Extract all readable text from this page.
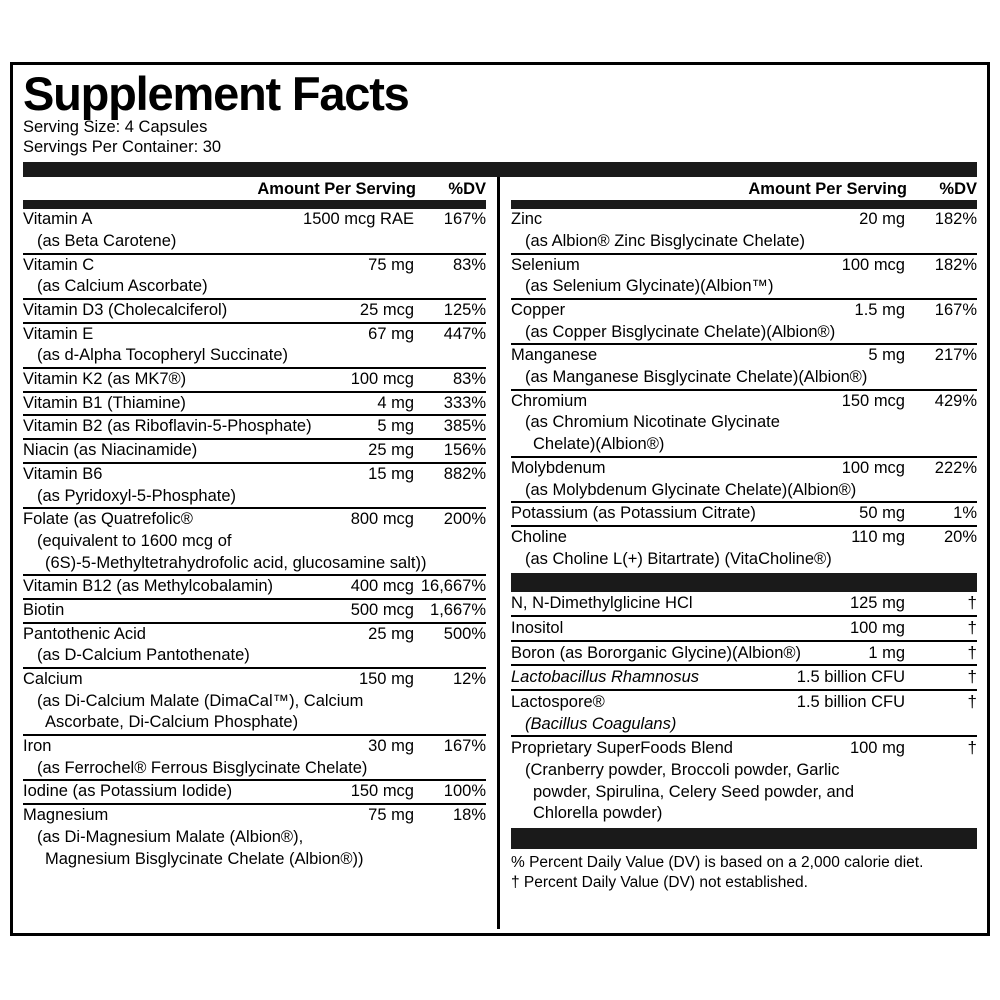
Supplement Facts
Serving Size: 4 Capsules
Servings Per Container: 30
Amount Per Serving	%DV
Vitamin A	1500 mcg RAE	167%
(as Beta Carotene)
Vitamin C	75 mg	83%
(as Calcium Ascorbate)
Vitamin D3 (Cholecalciferol)	25 mcg	125%
Vitamin E	67 mg	447%
(as d-Alpha Tocopheryl Succinate)
Vitamin K2 (as MK7®)	100 mcg	83%
Vitamin B1 (Thiamine)	4 mg	333%
Vitamin B2 (as Riboflavin-5-Phosphate)	5 mg	385%
Niacin (as Niacinamide)	25 mg	156%
Vitamin B6	15 mg	882%
(as Pyridoxyl-5-Phosphate)
Folate (as Quatrefolic®	800 mcg	200%
(equivalent to 1600 mcg of
(6S)-5-Methyltetrahydrofolic acid, glucosamine salt))
Vitamin B12 (as Methylcobalamin)	400 mcg 16,667%
Biotin	500 mcg 1,667%
Pantothenic Acid	25 mg	500%
(as D-Calcium Pantothenate)
Calcium	150 mg	12%
(as Di-Calcium Malate (DimaCal™), Calcium
Ascorbate, Di-Calcium Phosphate)
Iron	30 mg	167%
(as Ferrochel® Ferrous Bisglycinate Chelate)
Iodine (as Potassium Iodide)	150 mcg	100%
Magnesium	75 mg	18%
(as Di-Magnesium Malate (Albion®),
Magnesium Bisglycinate Chelate (Albion®))
Amount Per Serving	%DV
Zinc	20 mg	182%
(as Albion® Zinc Bisglycinate Chelate)
Selenium	100 mcg	182%
(as Selenium Glycinate)(Albion™)
Copper	1.5 mg	167%
(as Copper Bisglycinate Chelate)(Albion®)
Manganese	5 mg	217%
(as Manganese Bisglycinate Chelate)(Albion®)
Chromium	150 mcg	429%
(as Chromium Nicotinate Glycinate
Chelate)(Albion®)
Molybdenum	100 mcg	222%
(as Molybdenum Glycinate Chelate)(Albion®)
Potassium (as Potassium Citrate)	50 mg	1%
Choline	110 mg	20%
(as Choline L(+) Bitartrate) (VitaCholine®)
N, N-Dimethylglicine HCl	125 mg	†
Inositol	100 mg	†
Boron (as Bororganic Glycine)(Albion®)	1 mg	†
Lactobacillus Rhamnosus	1.5 billion CFU	†
Lactospore®	1.5 billion CFU	†
(Bacillus Coagulans)
Proprietary SuperFoods Blend	100 mg	†
(Cranberry powder, Broccoli powder, Garlic
powder, Spirulina, Celery Seed powder, and
Chlorella powder)
% Percent Daily Value (DV) is based on a 2,000 calorie diet.
† Percent Daily Value (DV) not established.
